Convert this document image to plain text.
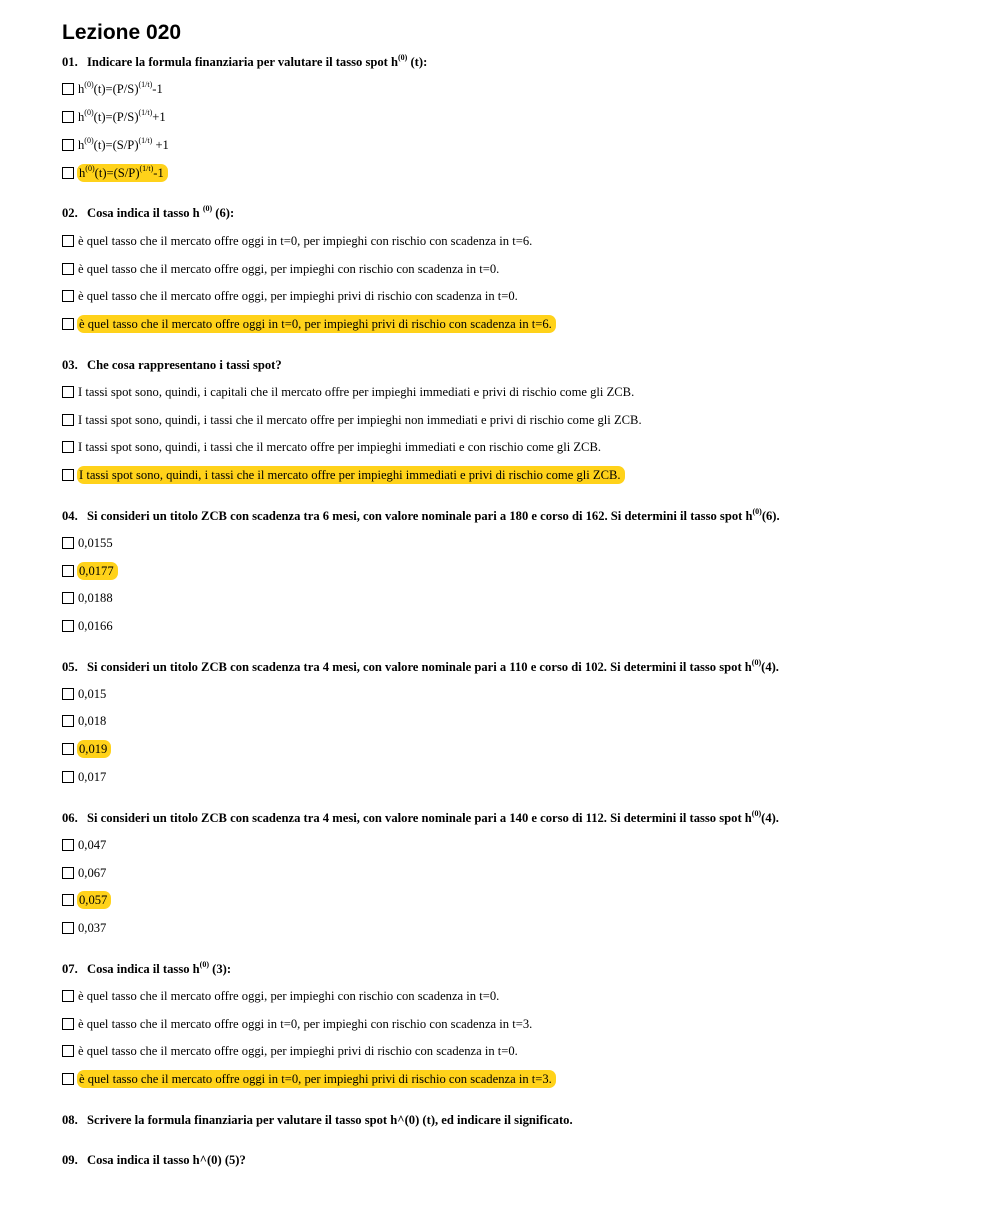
Lezione 020
01. Indicare la formula finanziaria per valutare il tasso spot $h^{(0)}$ (t):
$h^{(0)}(t)=(P/S)^{(1/t)}-1$
$h^{(0)}(t)=(P/S)^{(1/t)}+1$
$h^{(0)}(t)=(S/P)^{(1/t)} +1$
$h^{(0)}(t)=(S/P)^{(1/t)}-1$
02. Cosa indica il tasso h $^{(0)}$ (6):
è quel tasso che il mercato offre oggi in t=0, per impieghi con rischio con scadenza in t=6.
è quel tasso che il mercato offre oggi, per impieghi con rischio con scadenza in t=0.
è quel tasso che il mercato offre oggi, per impieghi privi di rischio con scadenza in t=0.
è quel tasso che il mercato offre oggi in t=0, per impieghi privi di rischio con scadenza in t=6.
03. Che cosa rappresentano i tassi spot?
I tassi spot sono, quindi, i capitali che il mercato offre per impieghi immediati e privi di rischio come gli ZCB.
I tassi spot sono, quindi, i tassi che il mercato offre per impieghi non immediati e privi di rischio come gli ZCB.
I tassi spot sono, quindi, i tassi che il mercato offre per impieghi immediati e con rischio come gli ZCB.
I tassi spot sono, quindi, i tassi che il mercato offre per impieghi immediati e privi di rischio come gli ZCB.
04. Si consideri un titolo ZCB con scadenza tra 6 mesi, con valore nominale pari a 180 e corso di 162. Si determini il tasso spot $h^{(0)}(6)$.
0,0155
0,0177
0,0188
0,0166
05. Si consideri un titolo ZCB con scadenza tra 4 mesi, con valore nominale pari a 110 e corso di 102. Si determini il tasso spot $h^{(0)}(4)$.
0,015
0,018
0,019
0,017
06. Si consideri un titolo ZCB con scadenza tra 4 mesi, con valore nominale pari a 140 e corso di 112. Si determini il tasso spot $h^{(0)}(4)$.
0,047
0,067
0,057
0,037
07. Cosa indica il tasso $h^{(0)}$ (3):
è quel tasso che il mercato offre oggi, per impieghi con rischio con scadenza in t=0.
è quel tasso che il mercato offre oggi in t=0, per impieghi con rischio con scadenza in t=3.
è quel tasso che il mercato offre oggi, per impieghi privi di rischio con scadenza in t=0.
è quel tasso che il mercato offre oggi in t=0, per impieghi privi di rischio con scadenza in t=3.
08. Scrivere la formula finanziaria per valutare il tasso spot h^(0) (t), ed indicare il significato.
09. Cosa indica il tasso h^(0) (5)?
